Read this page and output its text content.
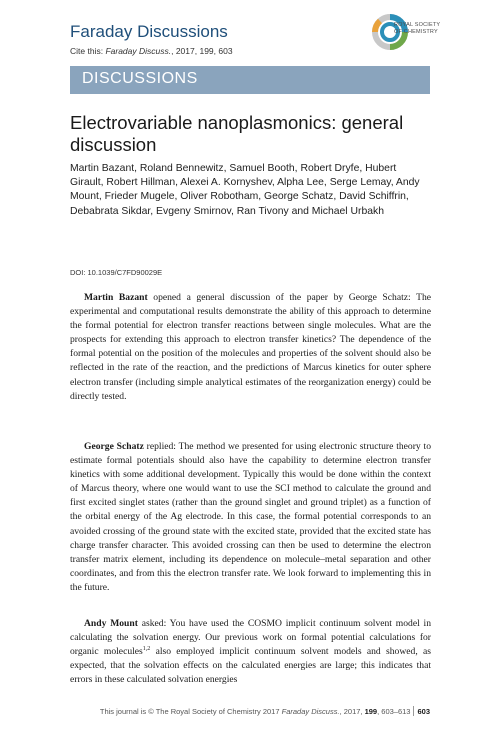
Faraday Discussions
Cite this: Faraday Discuss., 2017, 199, 603
ROYAL SOCIETY
OF CHEMISTRY
DISCUSSIONS
Electrovariable nanoplasmonics: general discussion
Martin Bazant, Roland Bennewitz, Samuel Booth, Robert Dryfe, Hubert Girault, Robert Hillman, Alexei A. Kornyshev, Alpha Lee, Serge Lemay, Andy Mount, Frieder Mugele, Oliver Robotham, George Schatz, David Schiffrin, Debabrata Sikdar, Evgeny Smirnov, Ran Tivony and Michael Urbakh
DOI: 10.1039/C7FD90029E

Martin Bazant opened a general discussion of the paper by George Schatz: The experimental and computational results demonstrate the ability of this approach to determine the formal potential for electron transfer reactions between single molecules. What are the prospects for extending this approach to electron transfer kinetics? The dependence of the formal potential on the position of the molecules and properties of the solvent should also be reflected in the rate of the reaction, and the predictions of Marcus kinetics for outer sphere electron transfer (including simple analytical estimates of the reorganization energy) could be directly tested.

George Schatz replied: The method we presented for using electronic structure theory to estimate formal potentials should also have the capability to determine electron transfer kinetics with some additional development. Typically this would be done within the context of Marcus theory, where one would want to use the SCI method to calculate the ground and first excited singlet states (rather than the ground singlet and ground triplet) as a function of the orbital energy of the Ag electrode. In this case, the formal potential corresponds to an avoided crossing of the ground state with the excited state, provided that the excited state has charge transfer character. This avoided crossing can then be used to determine the electron transfer matrix element, including its dependence on molecule–metal separation and other coordinates, and from this the electron transfer rate. We look forward to implementing this in the future.

Andy Mount asked: You have used the COSMO implicit continuum solvent model in calculating the solvation energy. Our previous work on formal potential calculations for organic molecules$^{1,2}$ also employed implicit continuum solvent models and showed, as expected, that the solvation effects on the calculated energies are large; this indicates that errors in these calculated solvation energies

This journal is © The Royal Society of Chemistry 2017 Faraday Discuss., 2017, 199, 603–613 603
